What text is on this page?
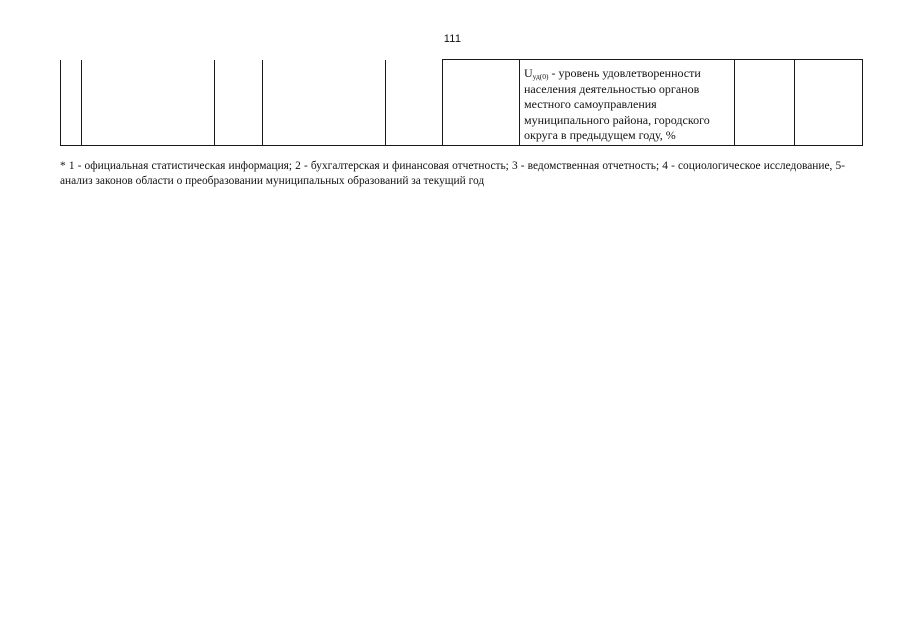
111

$U_{уд(0)}$ - уровень удовлетворенности населения деятельностью органов местного самоуправления муниципального района, городского округа в предыдущем году, %

* 1 - официальная статистическая информация; 2 - бухгалтерская и финансовая отчетность; 3 - ведомственная отчетность; 4 - социологическое исследование, 5- анализ законов области о преобразовании муниципальных образований за текущий год
